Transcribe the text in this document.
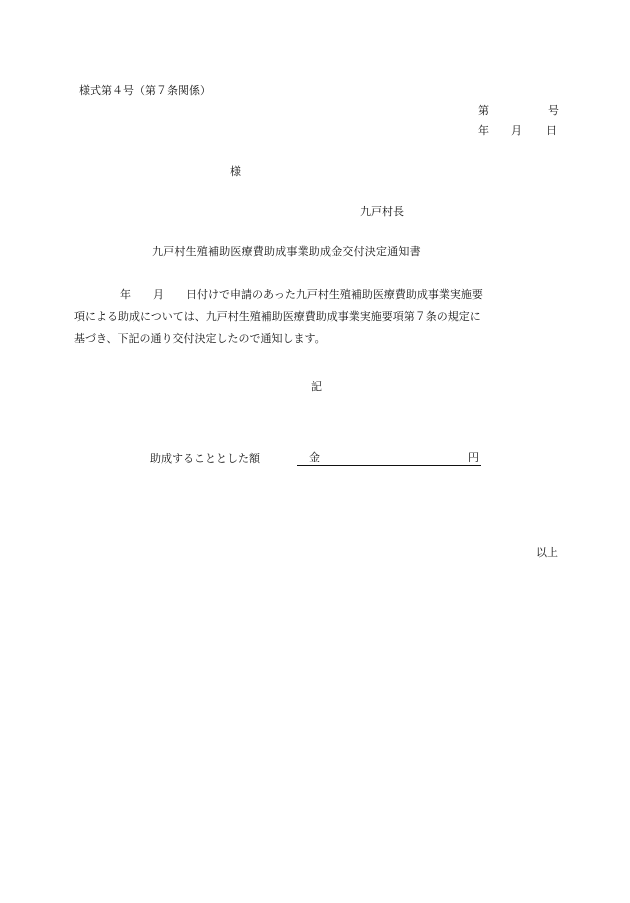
様式第４号（第７条関係）
第	号
年 月 日
様
九戸村長
九戸村生殖補助医療費助成事業助成金交付決定通知書
年 月 日付けで申請のあった九戸村生殖補助医療費助成事業実施要
項による助成については、九戸村生殖補助医療費助成事業実施要項第７条の規定に
基づき、下記の通り交付決定したので通知します。
記
助成することとした額	金	円
以上
